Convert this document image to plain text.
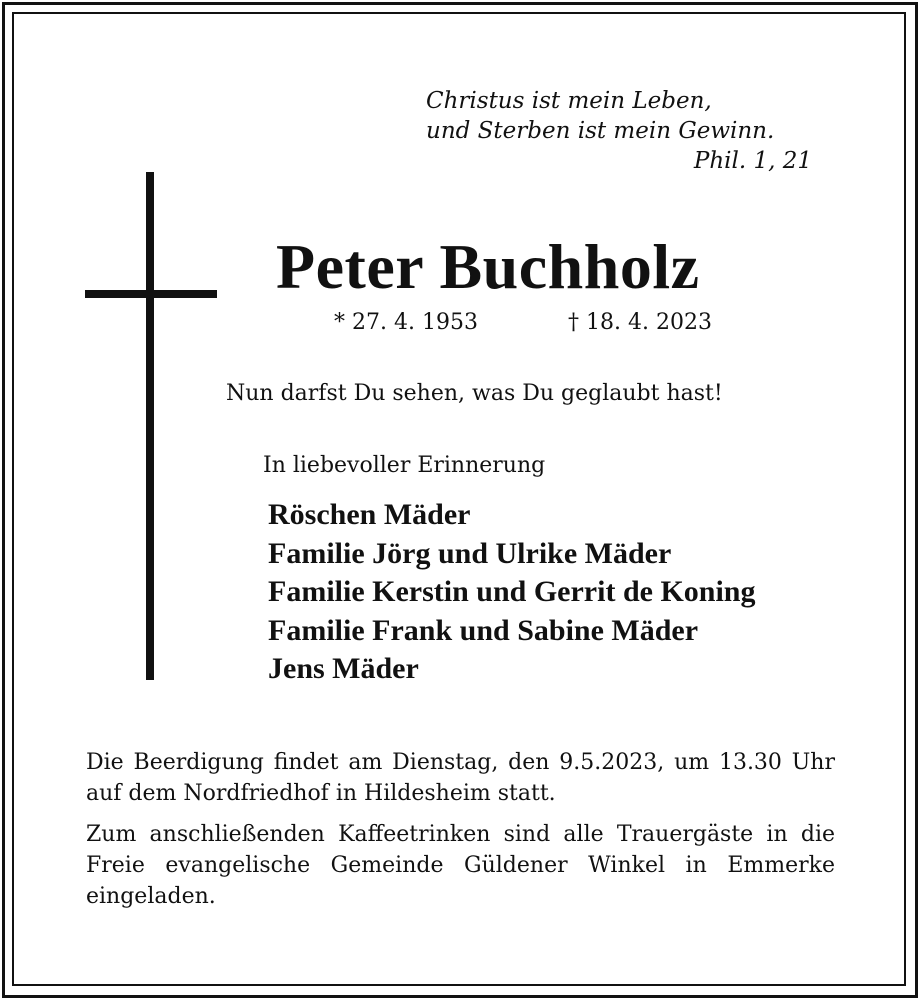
Christus ist mein Leben,
und Sterben ist mein Gewinn.
Phil. 1, 21
Peter Buchholz
* 27. 4. 1953	† 18. 4. 2023
Nun darfst Du sehen, was Du geglaubt hast!
In liebevoller Erinnerung
Röschen Mäder
Familie Jörg und Ulrike Mäder
Familie Kerstin und Gerrit de Koning
Familie Frank und Sabine Mäder
Jens Mäder

Die Beerdigung findet am Dienstag, den 9.5.2023, um 13.30 Uhr auf dem Nordfriedhof in Hildesheim statt.

Zum anschließenden Kaffeetrinken sind alle Trauergäste in die Freie evangelische Gemeinde Güldener Winkel in Emmerke eingeladen.
